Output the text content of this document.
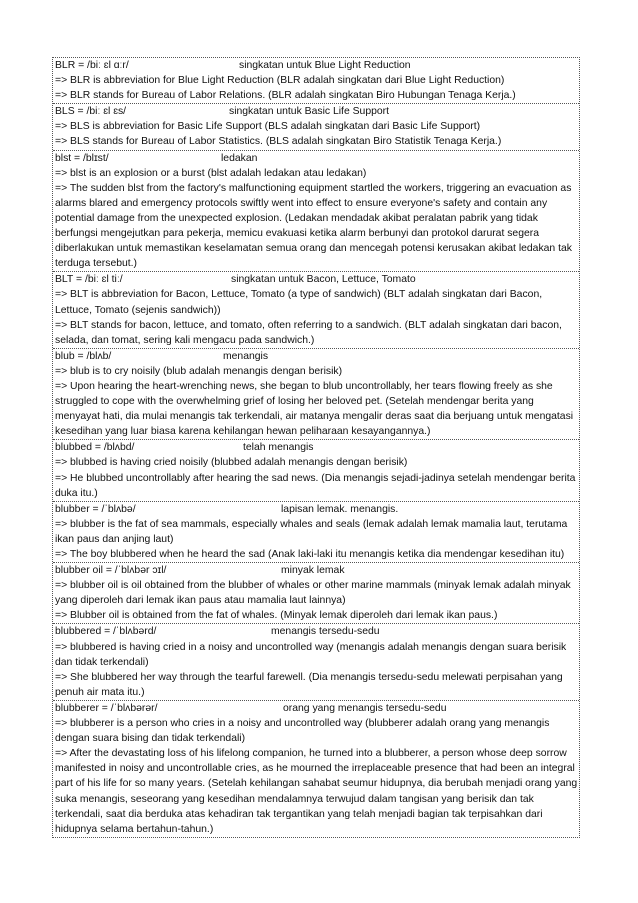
BLR = /biː ɛl ɑːr/	singkatan untuk Blue Light Reduction
=> BLR is abbreviation for Blue Light Reduction (BLR adalah singkatan dari Blue Light Reduction)
=> BLR stands for Bureau of Labor Relations. (BLR adalah singkatan Biro Hubungan Tenaga Kerja.)
BLS = /biː ɛl ɛs/	singkatan untuk Basic Life Support
=> BLS is abbreviation for Basic Life Support (BLS adalah singkatan dari Basic Life Support)
=> BLS stands for Bureau of Labor Statistics. (BLS adalah singkatan Biro Statistik Tenaga Kerja.)
blst = /blɪst/	ledakan
=> blst is an explosion or a burst (blst adalah ledakan atau ledakan)
=> The sudden blst from the factory's malfunctioning equipment startled the workers, triggering an evacuation as alarms blared and emergency protocols swiftly went into effect to ensure everyone's safety and contain any potential damage from the unexpected explosion. (Ledakan mendadak akibat peralatan pabrik yang tidak berfungsi mengejutkan para pekerja, memicu evakuasi ketika alarm berbunyi dan protokol darurat segera diberlakukan untuk memastikan keselamatan semua orang dan mencegah potensi kerusakan akibat ledakan tak terduga tersebut.)
BLT = /biː ɛl tiː/	singkatan untuk Bacon, Lettuce, Tomato
=> BLT is abbreviation for Bacon, Lettuce, Tomato (a type of sandwich) (BLT adalah singkatan dari Bacon, Lettuce, Tomato (sejenis sandwich))
=> BLT stands for bacon, lettuce, and tomato, often referring to a sandwich. (BLT adalah singkatan dari bacon, selada, dan tomat, sering kali mengacu pada sandwich.)
blub = /blʌb/	menangis
=> blub is to cry noisily (blub adalah menangis dengan berisik)
=> Upon hearing the heart-wrenching news, she began to blub uncontrollably, her tears flowing freely as she struggled to cope with the overwhelming grief of losing her beloved pet. (Setelah mendengar berita yang menyayat hati, dia mulai menangis tak terkendali, air matanya mengalir deras saat dia berjuang untuk mengatasi kesedihan yang luar biasa karena kehilangan hewan peliharaan kesayangannya.)
blubbed = /blʌbd/	telah menangis
=> blubbed is having cried noisily (blubbed adalah menangis dengan berisik)
=> He blubbed uncontrollably after hearing the sad news. (Dia menangis sejadi-jadinya setelah mendengar berita duka itu.)
blubber = /ˈblʌbə/	lapisan lemak. menangis.
=> blubber is the fat of sea mammals, especially whales and seals (lemak adalah lemak mamalia laut, terutama ikan paus dan anjing laut)
=> The boy blubbered when he heard the sad (Anak laki-laki itu menangis ketika dia mendengar kesedihan itu)
blubber oil = /ˈblʌbər ɔɪl/	minyak lemak
=> blubber oil is oil obtained from the blubber of whales or other marine mammals (minyak lemak adalah minyak yang diperoleh dari lemak ikan paus atau mamalia laut lainnya)
=> Blubber oil is obtained from the fat of whales. (Minyak lemak diperoleh dari lemak ikan paus.)
blubbered = /ˈblʌbərd/	menangis tersedu-sedu
=> blubbered is having cried in a noisy and uncontrolled way (menangis adalah menangis dengan suara berisik dan tidak terkendali)
=> She blubbered her way through the tearful farewell. (Dia menangis tersedu-sedu melewati perpisahan yang penuh air mata itu.)
blubberer = /ˈblʌbərər/	orang yang menangis tersedu-sedu
=> blubberer is a person who cries in a noisy and uncontrolled way (blubberer adalah orang yang menangis dengan suara bising dan tidak terkendali)
=> After the devastating loss of his lifelong companion, he turned into a blubberer, a person whose deep sorrow manifested in noisy and uncontrollable cries, as he mourned the irreplaceable presence that had been an integral part of his life for so many years. (Setelah kehilangan sahabat seumur hidupnya, dia berubah menjadi orang yang suka menangis, seseorang yang kesedihan mendalamnya terwujud dalam tangisan yang berisik dan tak terkendali, saat dia berduka atas kehadiran tak tergantikan yang telah menjadi bagian tak terpisahkan dari hidupnya selama bertahun-tahun.)
